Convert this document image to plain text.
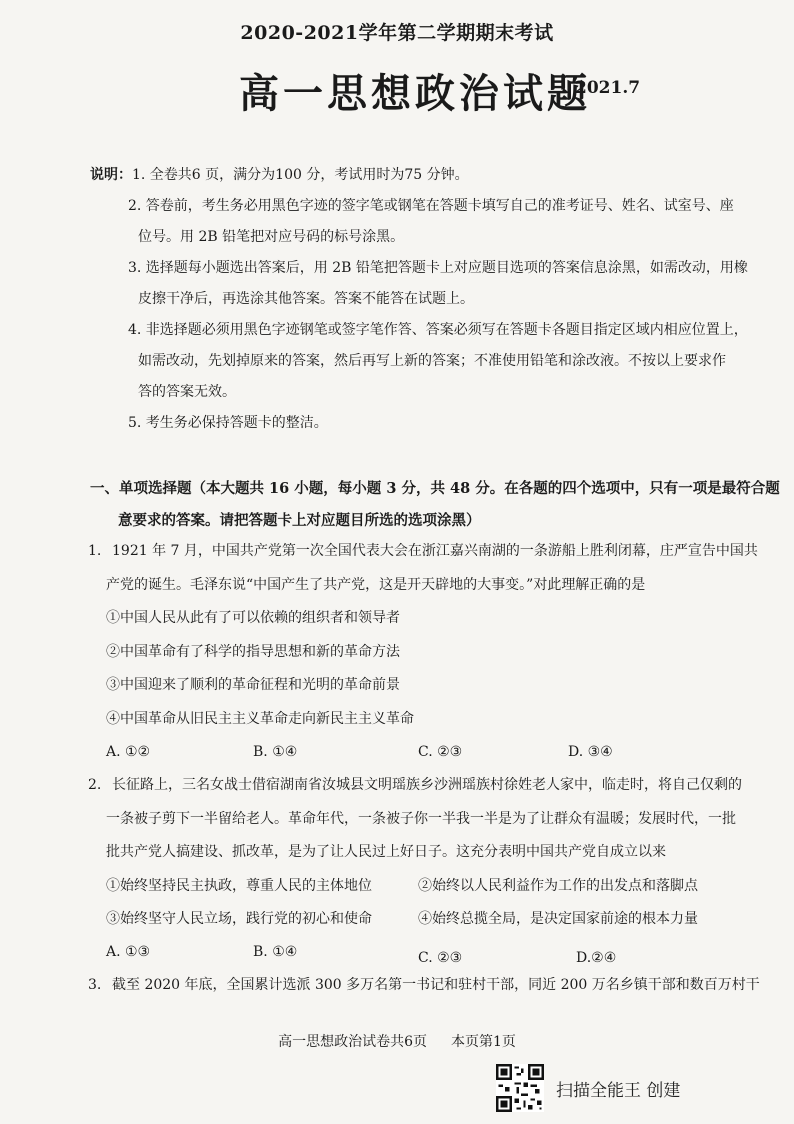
2020-2021学年第二学期期末考试
高一思想政治试题
2021.7
说明：1. 全卷共6 页，满分为100 分，考试用时为75 分钟。
2. 答卷前，考生务必用黑色字迹的签字笔或钢笔在答题卡填写自己的准考证号、姓名、试室号、座
位号。用 2B 铅笔把对应号码的标号涂黑。
3. 选择题每小题选出答案后，用 2B 铅笔把答题卡上对应题目选项的答案信息涂黑，如需改动，用橡
皮擦干净后，再选涂其他答案。答案不能答在试题上。
4. 非选择题必须用黑色字迹钢笔或签字笔作答、答案必须写在答题卡各题目指定区域内相应位置上，
如需改动，先划掉原来的答案，然后再写上新的答案；不准使用铅笔和涂改液。不按以上要求作
答的答案无效。
5. 考生务必保持答题卡的整洁。
一、单项选择题（本大题共 16 小题，每小题 3 分，共 48 分。在各题的四个选项中，只有一项是最符合题
意要求的答案。请把答题卡上对应题目所选的选项涂黑）
1. 1921 年 7 月，中国共产党第一次全国代表大会在浙江嘉兴南湖的一条游船上胜利闭幕，庄严宣告中国共
产党的诞生。毛泽东说“中国产生了共产党，这是开天辟地的大事变。”对此理解正确的是
①中国人民从此有了可以依赖的组织者和领导者
②中国革命有了科学的指导思想和新的革命方法
③中国迎来了顺利的革命征程和光明的革命前景
④中国革命从旧民主主义革命走向新民主主义革命
A. ①②	B. ①④	C. ②③	D. ③④
2. 长征路上，三名女战士借宿湖南省汝城县文明瑶族乡沙洲瑶族村徐姓老人家中，临走时，将自己仅剩的
一条被子剪下一半留给老人。革命年代，一条被子你一半我一半是为了让群众有温暖；发展时代，一批
批共产党人搞建设、抓改革，是为了让人民过上好日子。这充分表明中国共产党自成立以来
①始终坚持民主执政，尊重人民的主体地位	②始终以人民利益作为工作的出发点和落脚点
③始终坚守人民立场，践行党的初心和使命	④始终总揽全局，是决定国家前途的根本力量
A. ①③	B. ①④	C. ②③	D.②④
3. 截至 2020 年底，全国累计选派 300 多万名第一书记和驻村干部，同近 200 万名乡镇干部和数百万村干
高一思想政治试卷共6页 本页第1页
扫描全能王 创建
